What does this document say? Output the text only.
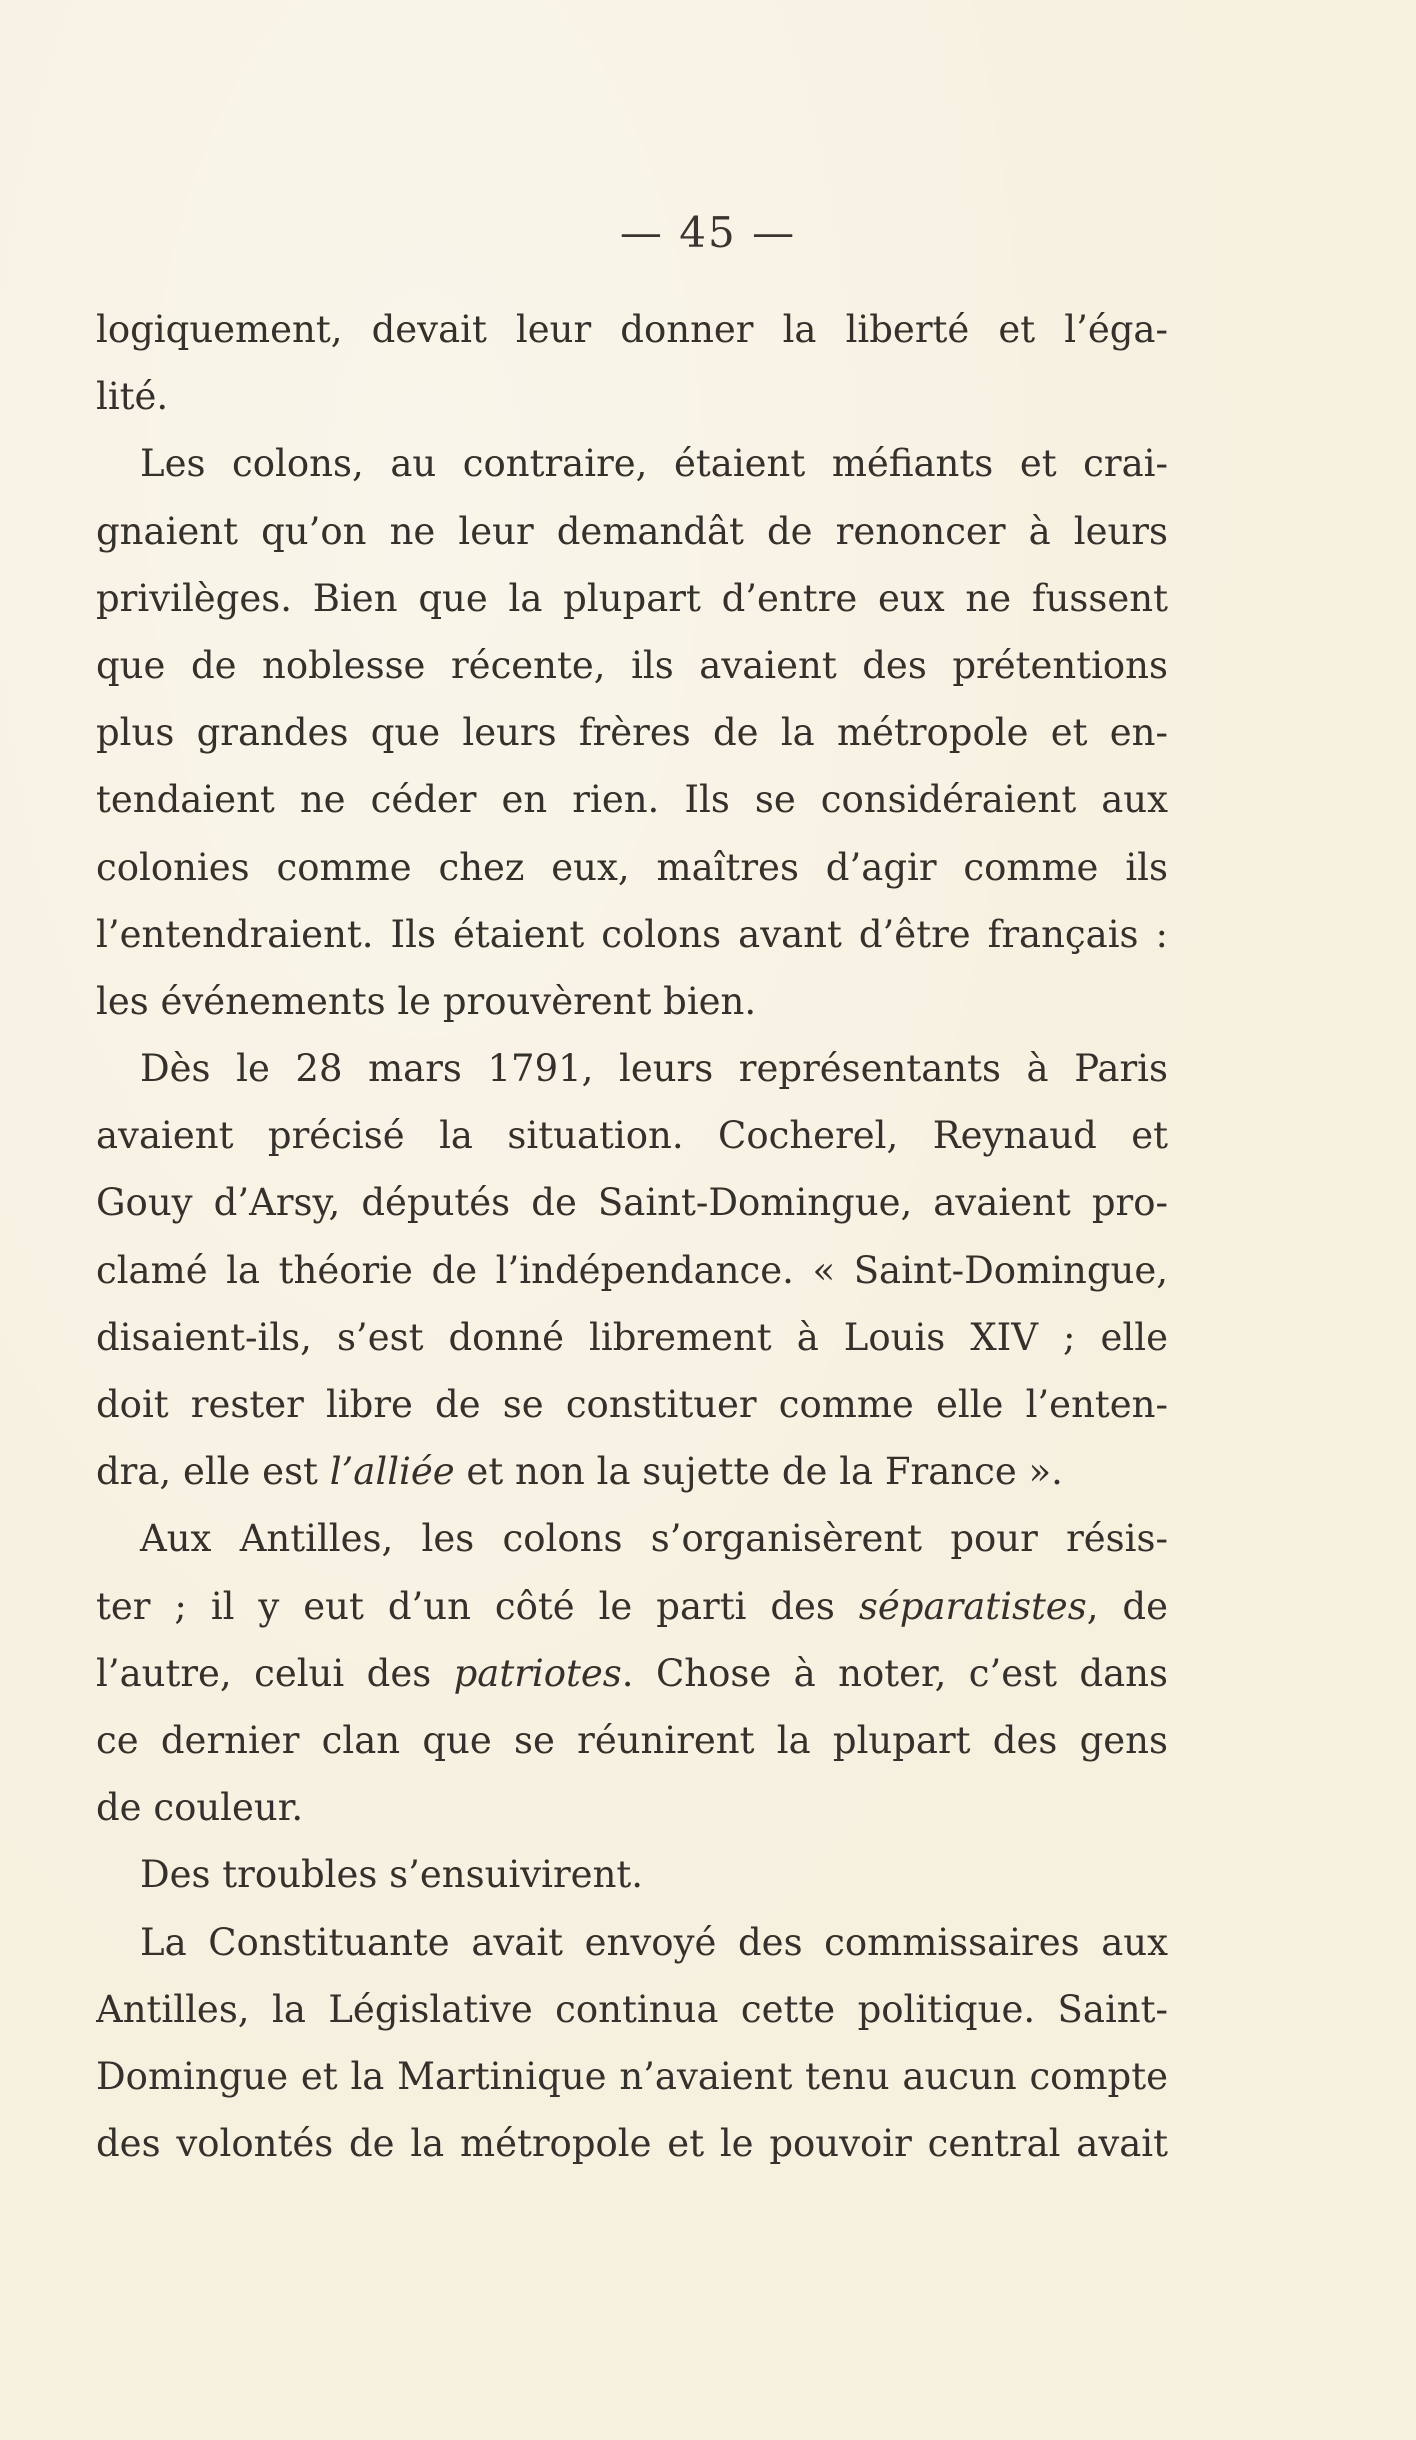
— 45 —
logiquement, devait leur donner la liberté et l’éga-
lité.
Les colons, au contraire, étaient méfiants et crai-
gnaient qu’on ne leur demandât de renoncer à leurs
privilèges. Bien que la plupart d’entre eux ne fussent
que de noblesse récente, ils avaient des prétentions
plus grandes que leurs frères de la métropole et en-
tendaient ne céder en rien. Ils se considéraient aux
colonies comme chez eux, maîtres d’agir comme ils
l’entendraient. Ils étaient colons avant d’être français :
les événements le prouvèrent bien.
Dès le 28 mars 1791, leurs représentants à Paris
avaient précisé la situation. Cocherel, Reynaud et
Gouy d’Arsy, députés de Saint-Domingue, avaient pro-
clamé la théorie de l’indépendance. « Saint-Domingue,
disaient-ils, s’est donné librement à Louis XIV ; elle
doit rester libre de se constituer comme elle l’enten-
dra, elle est l’alliée et non la sujette de la France ».
Aux Antilles, les colons s’organisèrent pour résis-
ter ; il y eut d’un côté le parti des séparatistes, de
l’autre, celui des patriotes. Chose à noter, c’est dans
ce dernier clan que se réunirent la plupart des gens
de couleur.
Des troubles s’ensuivirent.
La Constituante avait envoyé des commissaires aux
Antilles, la Législative continua cette politique. Saint-
Domingue et la Martinique n’avaient tenu aucun compte
des volontés de la métropole et le pouvoir central avait
